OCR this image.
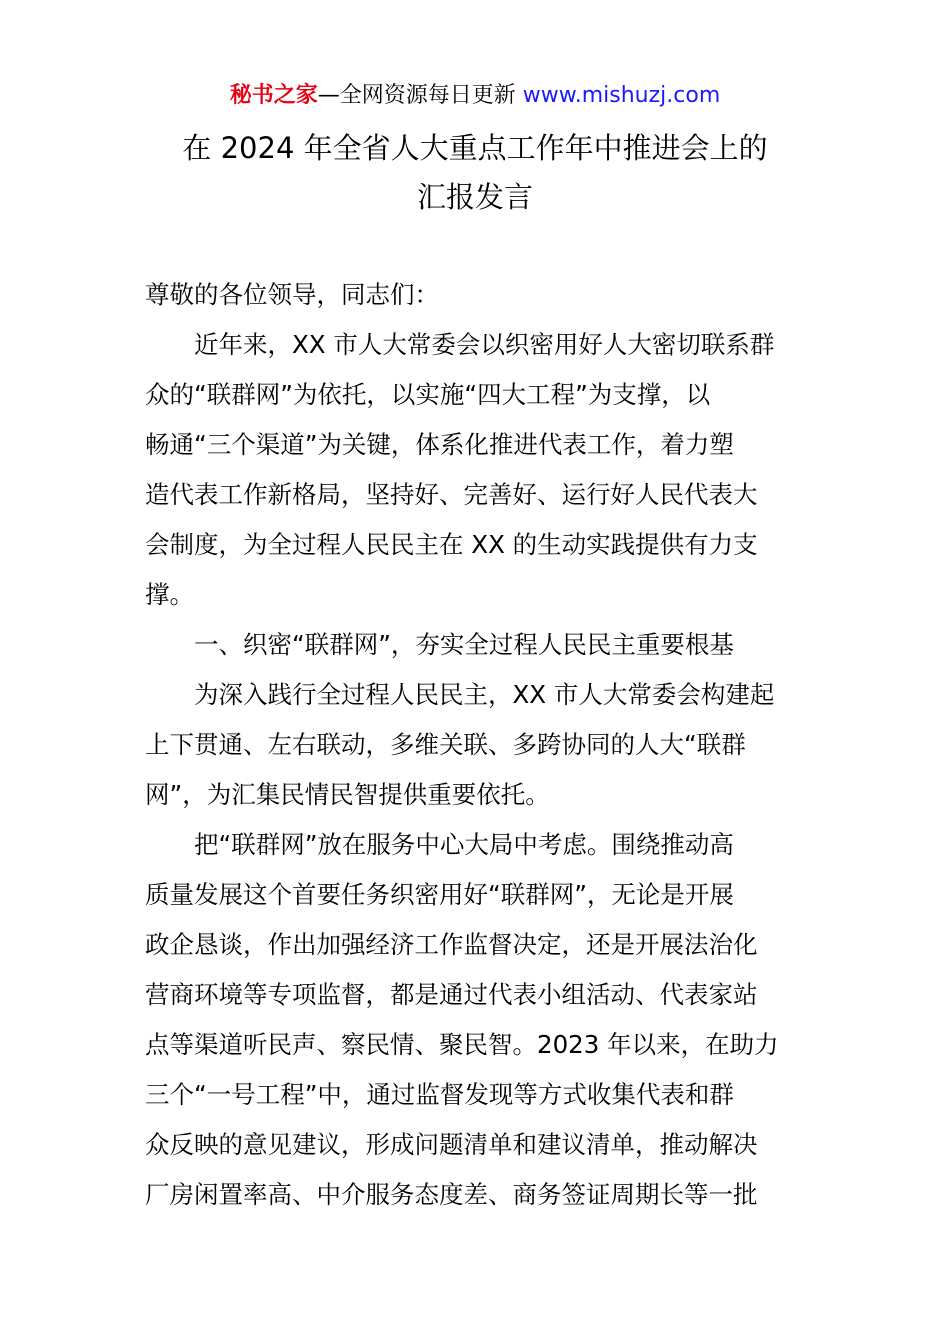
秘书之家—全网资源每日更新 www.mishuzj.com
在 2024 年全省人大重点工作年中推进会上的
汇报发言
尊敬的各位领导，同志们：
近年来，XX 市人大常委会以织密用好人大密切联系群
众的“联群网”为依托，以实施“四大工程”为支撑，以
畅通“三个渠道”为关键，体系化推进代表工作，着力塑
造代表工作新格局，坚持好、完善好、运行好人民代表大
会制度，为全过程人民民主在 XX 的生动实践提供有力支
撑。
一、织密“联群网”，夯实全过程人民民主重要根基
为深入践行全过程人民民主，XX 市人大常委会构建起
上下贯通、左右联动，多维关联、多跨协同的人大“联群
网”，为汇集民情民智提供重要依托。
把“联群网”放在服务中心大局中考虑。围绕推动高
质量发展这个首要任务织密用好“联群网”，无论是开展
政企恳谈，作出加强经济工作监督决定，还是开展法治化
营商环境等专项监督，都是通过代表小组活动、代表家站
点等渠道听民声、察民情、聚民智。2023 年以来，在助力
三个“一号工程”中，通过监督发现等方式收集代表和群
众反映的意见建议，形成问题清单和建议清单，推动解决
厂房闲置率高、中介服务态度差、商务签证周期长等一批
